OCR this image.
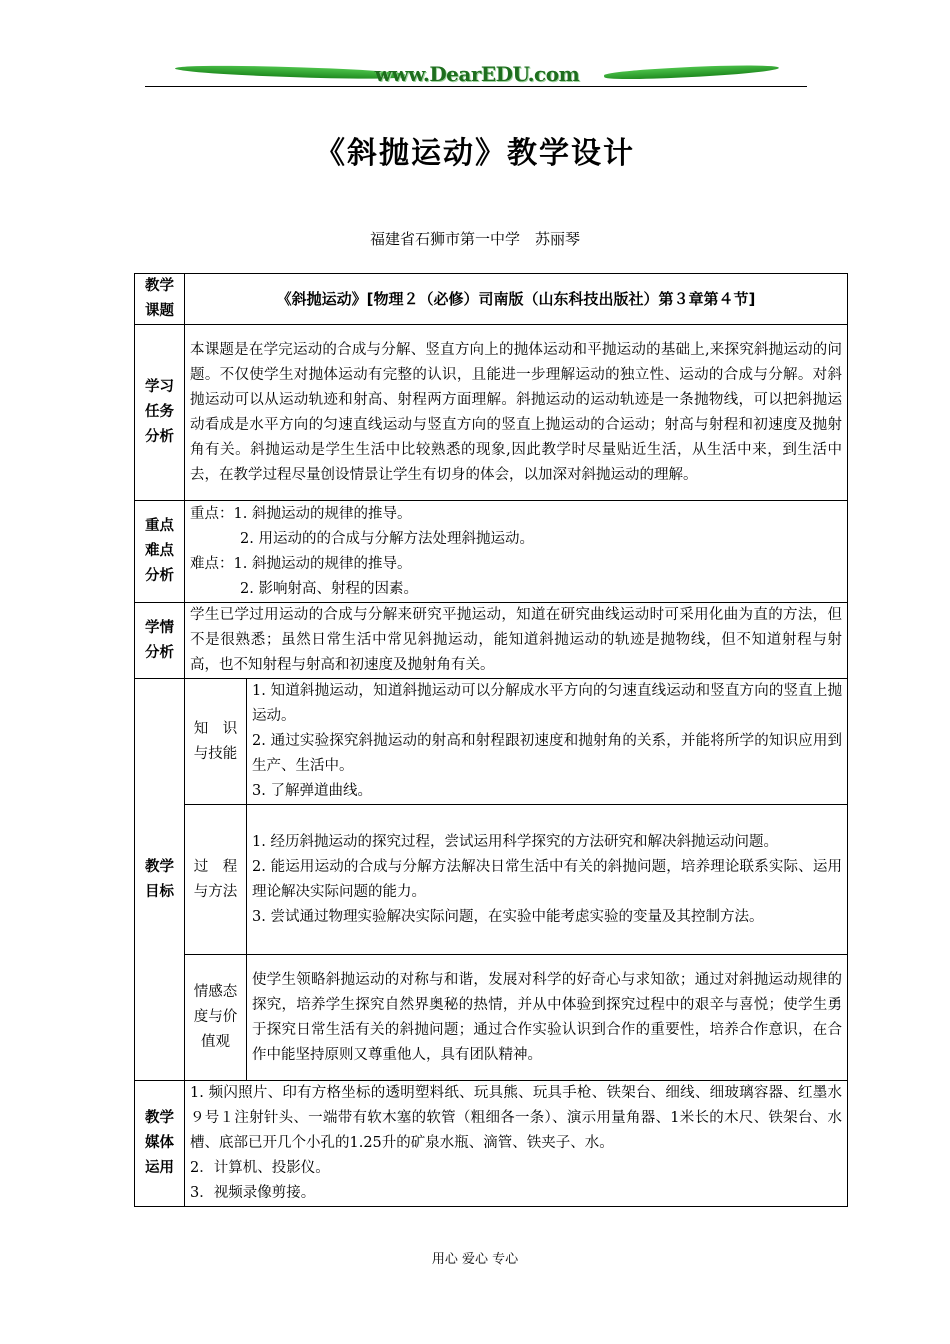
www.DearEDU.com
《斜抛运动》教学设计
福建省石狮市第一中学　苏丽琴
教学课题	《斜抛运动》[物理２（必修）司南版（山东科技出版社）第３章第４节]	
学习任务分析	本课题是在学完运动的合成与分解、竖直方向上的抛体运动和平抛运动的基础上,来探究斜抛运动的问题。不仅使学生对抛体运动有完整的认识，且能进一步理解运动的独立性、运动的合成与分解。对斜抛运动可以从运动轨迹和射高、射程两方面理解。斜抛运动的运动轨迹是一条抛物线，可以把斜抛运动看成是水平方向的匀速直线运动与竖直方向的竖直上抛运动的合运动；射高与射程和初速度及抛射角有关。斜抛运动是学生生活中比较熟悉的现象,因此教学时尽量贴近生活，从生活中来，到生活中去，在教学过程尽量创设情景让学生有切身的体会，以加深对斜抛运动的理解。	
重点难点分析	重点：1. 斜抛运动的规律的推导。
2. 用运动的的合成与分解方法处理斜抛运动。
难点：1. 斜抛运动的规律的推导。
2. 影响射高、射程的因素。	

学情分析	学生已学过用运动的合成与分解来研究平抛运动，知道在研究曲线运动时可采用化曲为直的方法，但不是很熟悉；虽然日常生活中常见斜抛运动，能知道斜抛运动的轨迹是抛物线，但不知道射程与射高，也不知射程与射高和初速度及抛射角有关。	
教学目标	知　识与技能	1. 知道斜抛运动，知道斜抛运动可以分解成水平方向的匀速直线运动和竖直方向的竖直上抛运动。
2. 通过实验探究斜抛运动的射高和射程跟初速度和抛射角的关系，并能将所学的知识应用到生产、生活中。
3. 了解弹道曲线。

	过　程与方法	1. 经历斜抛运动的探究过程，尝试运用科学探究的方法研究和解决斜抛运动问题。
2. 能运用运动的合成与分解方法解决日常生活中有关的斜抛问题，培养理论联系实际、运用理论解决实际问题的能力。
3. 尝试通过物理实验解决实际问题，在实验中能考虑实验的变量及其控制方法。

	情感态度与价值观	使学生领略斜抛运动的对称与和谐，发展对科学的好奇心与求知欲；通过对斜抛运动规律的探究，培养学生探究自然界奥秘的热情，并从中体验到探究过程中的艰辛与喜悦；使学生勇于探究日常生活有关的斜抛问题；通过合作实验认识到合作的重要性，培养合作意识，在合作中能坚持原则又尊重他人，具有团队精神。
教学媒体运用	1. 频闪照片、印有方格坐标的透明塑料纸、玩具熊、玩具手枪、铁架台、细线、细玻璃容器、红墨水９号１注射针头、一端带有软木塞的软管（粗细各一条）、演示用量角器、1米长的木尺、铁架台、水槽、底部已开几个小孔的1.25升的矿泉水瓶、滴管、铁夹子、水。
2．计算机、投影仪。
3．视频录像剪接。	
用心 爱心 专心
